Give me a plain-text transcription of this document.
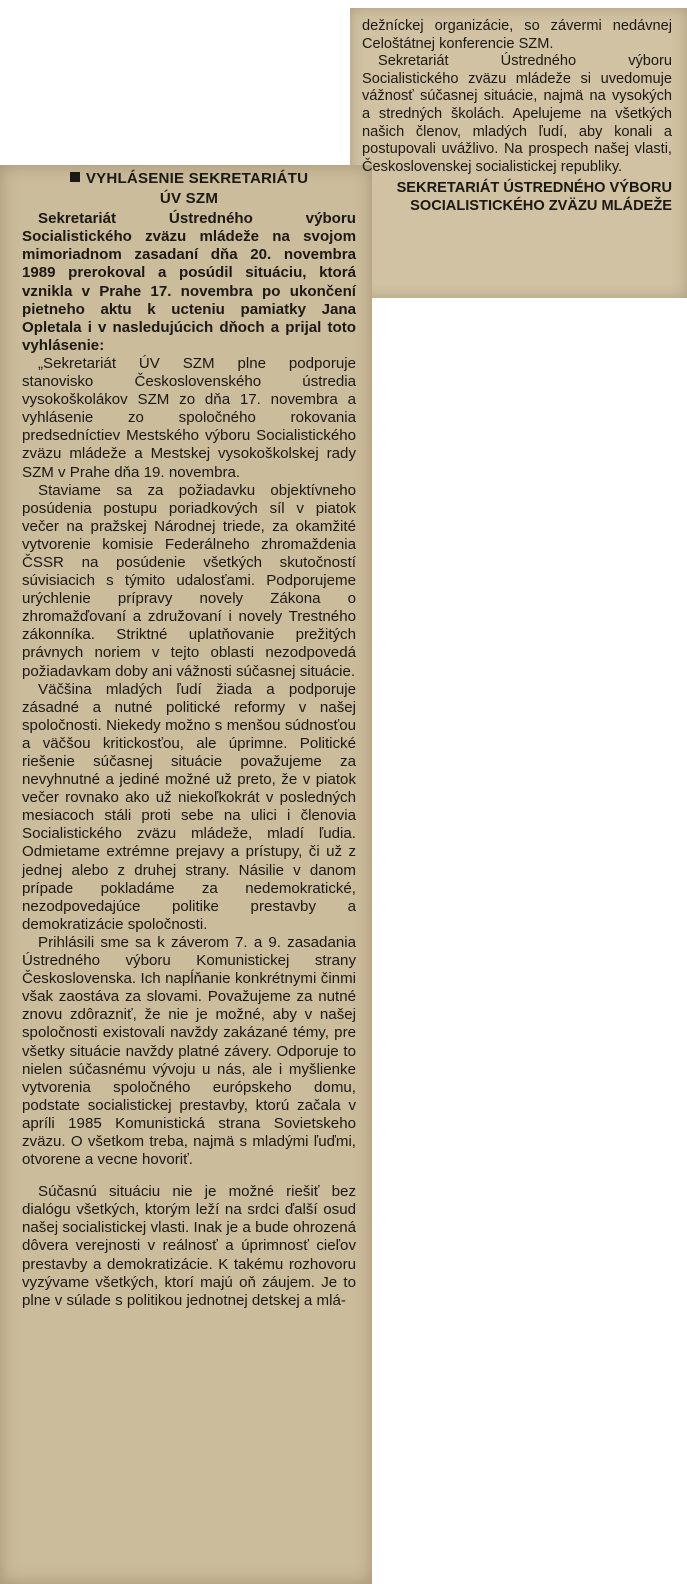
dežníckej organizácie, so závermi nedávnej Celoštátnej konferencie SZM.

Sekretariát Ústredného výboru Socialistického zväzu mládeže si uvedomuje vážnosť súčasnej situácie, najmä na vysokých a stredných školách. Apelujeme na všetkých našich členov, mladých ľudí, aby konali a postupovali uvážlivo. Na prospech našej vlasti, Československej socialistickej republiky.

SEKRETARIÁT ÚSTREDNÉHO VÝBORU
SOCIALISTICKÉHO ZVÄZU MLÁDEŽE
VYHLÁSENIE SEKRETARIÁTU
ÚV SZM

Sekretariát Ústredného výboru Socialistického zväzu mládeže na svojom mimoriadnom zasadaní dňa 20. novembra 1989 prerokoval a posúdil situáciu, ktorá vznikla v Prahe 17. novembra po ukončení pietneho aktu k ucteniu pamiatky Jana Opletala i v nasledujúcich dňoch a prijal toto vyhlásenie:

„Sekretariát ÚV SZM plne podporuje stanovisko Československého ústredia vysokoškolákov SZM zo dňa 17. novembra a vyhlásenie zo spoločného rokovania predsedníctiev Mestského výboru Socialistického zväzu mládeže a Mestskej vysokoškolskej rady SZM v Prahe dňa 19. novembra.

Staviame sa za požiadavku objektívneho posúdenia postupu poriadkových síl v piatok večer na pražskej Národnej triede, za okamžité vytvorenie komisie Federálneho zhromaždenia ČSSR na posúdenie všetkých skutočností súvisiacich s týmito udalosťami. Podporujeme urýchlenie prípravy novely Zákona o zhromažďovaní a združovaní i novely Trestného zákonníka. Striktné uplatňovanie prežitých právnych noriem v tejto oblasti nezodpovedá požiadavkam doby ani vážnosti súčasnej situácie.

Väčšina mladých ľudí žiada a podporuje zásadné a nutné politické reformy v našej spoločnosti. Niekedy možno s menšou súdnosťou a väčšou kritickosťou, ale úprimne. Politické riešenie súčasnej situácie považujeme za nevyhnutné a jediné možné už preto, že v piatok večer rovnako ako už niekoľkokrát v posledných mesiacoch stáli proti sebe na ulici i členovia Socialistického zväzu mládeže, mladí ľudia. Odmietame extrémne prejavy a prístupy, či už z jednej alebo z druhej strany. Násilie v danom prípade pokladáme za nedemokratické, nezodpovedajúce politike prestavby a demokratizácie spoločnosti.

Prihlásili sme sa k záverom 7. a 9. zasadania Ústredného výboru Komunistickej strany Československa. Ich napĺňanie konkrétnymi činmi však zaostáva za slovami. Považujeme za nutné znovu zdôrazniť, že nie je možné, aby v našej spoločnosti existovali navždy zakázané témy, pre všetky situácie navždy platné závery. Odporuje to nielen súčasnému vývoju u nás, ale i myšlienke vytvorenia spoločného európskeho domu, podstate socialistickej prestavby, ktorú začala v apríli 1985 Komunistická strana Sovietskeho zväzu. O všetkom treba, najmä s mladými ľuďmi, otvorene a vecne hovoriť.

Súčasnú situáciu nie je možné riešiť bez dialógu všetkých, ktorým leží na srdci ďalší osud našej socialistickej vlasti. Inak je a bude ohrozená dôvera verejnosti v reálnosť a úprimnosť cieľov prestavby a demokratizácie. K takému rozhovoru vyzývame všetkých, ktorí majú oň záujem. Je to plne v súlade s politikou jednotnej detskej a mlá-
